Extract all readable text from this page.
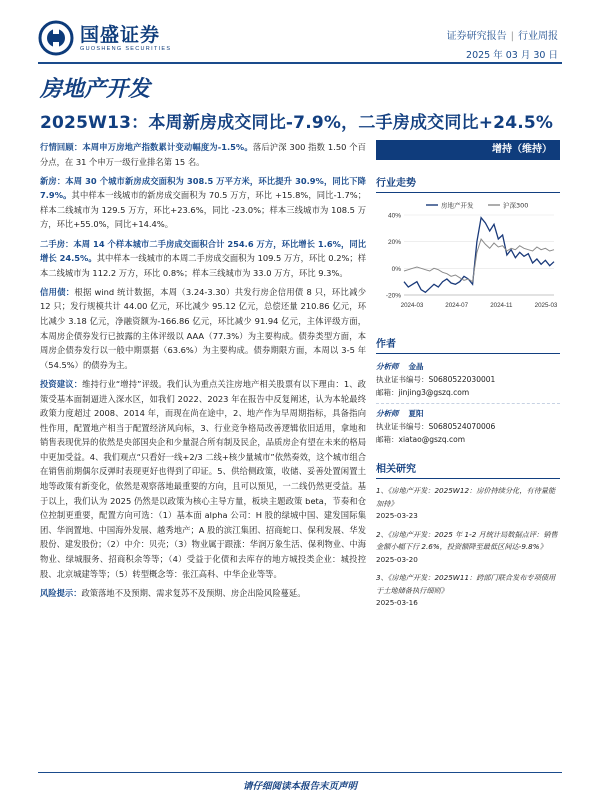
国盛证券
GUOSHENG SECURITIES
证券研究报告 | 行业周报
2025 年 03 月 30 日
房地产开发
2025W13：本周新房成交同比-7.9%，二手房成交同比+24.5%

行情回顾：本周申万房地产指数累计变动幅度为-1.5%。落后沪深 300 指数 1.50 个百分点，在 31 个申万一级行业排名第 15 名。

新房：本周 30 个城市新房成交面积为 308.5 万平方米，环比提升 30.9%，同比下降 7.9%。其中样本一线城市的新房成交面积为 70.5 万方，环比 +15.8%，同比-1.7%；样本二线城市为 129.5 万方，环比+23.6%，同比 -23.0%；样本三线城市为 108.5 万方，环比+55.0%，同比+14.4%。

二手房：本周 14 个样本城市二手房成交面积合计 254.6 万方，环比增长 1.6%，同比增长 24.5%。其中样本一线城市的本周二手房成交面积为 109.5 万方，环比 0.2%；样本二线城市为 112.2 万方，环比 0.8%；样本三线城市为 33.0 万方，环比 9.3%。

信用债：根据 wind 统计数据，本周（3.24-3.30）共发行房企信用债 8 只，环比减少 12 只；发行规模共计 44.00 亿元，环比减少 95.12 亿元，总偿还量 210.86 亿元，环比减少 3.18 亿元，净融资额为-166.86 亿元，环比减少 91.94 亿元，主体评级方面，本周房企债券发行已披露的主体评级以 AAA（77.3%）为主要构成。债券类型方面，本周房企债券发行以一般中期票据（63.6%）为主要构成。债券期限方面，本周以 3-5 年（54.5%）的债券为主。

投资建议：维持行业“增持”评级。我们认为重点关注房地产相关股票有以下理由：1、政策受基本面制逼进入深水区，如我们 2022、2023 年在报告中反复阐述，认为本轮最终政策力度超过 2008、2014 年，而现在尚在途中，2、地产作为早周期指标，具备指向性作用，配置地产相当于配置经济风向标，3、行业竞争格局改善逻辑依旧适用，拿地和销售表现优异的依然是央部国央企和少量混合所有制及民企，品质房企有望在未来的格局中更加受益。4、我们观点“只看好一线+2/3 二线+核少量城市”依然奏效，这个城市组合在销售前期偶尔反弹时表现更好也得到了印证。5、供给侧政策，收储、妥善处置闲置土地等政策有新变化，依然是观察落地最重要的方向，且可以预见，一二线仍然更受益。基于以上，我们认为 2025 仍然是以政策为核心主导方量，板块主题政策 beta，节奏和仓位控制更重要，配置方向可选：（1）基本面 alpha 公司：H 股的绿城中国、建发国际集团、华润置地、中国海外发展、越秀地产；A 股的滨江集团、招商蛇口、保利发展、华发股份、建发股份；（2）中介：贝壳；（3）物业属于跟涨：华润万象生活、保利物业、中海物业、绿城服务、招商积余等等；（4）受益于化债和去库存的地方城投类企业：城投控股、北京城建等等；（5）转型概念等：张江高科、中华企业等等。

风险提示：政策落地不及预期、需求复苏不及预期、房企出险风险蔓延。

增持（维持）
行业走势
40%
20%
0%
-20%
2024-03	2024-07	2024-11	2025-03
房地产开发	沪深300
作者
分析师 金晶
执业证书编号：S0680522030001
邮箱：jinjing3@gszq.com
分析师 夏阳
执业证书编号：S0680524070006
邮箱：xiatao@gszq.com
相关研究
1、《房地产开发：2025W12：房价持续分化，有待量能加持》
2025-03-23
2、《房地产开发：2025 年 1-2 月统计局数据点评：销售金额小幅下行 2.6%，投资额降至最低区间达-9.8%》
2025-03-20
3、《房地产开发：2025W11：跨部门联合发布专项债用于土地储备执行细则》
2025-03-16
请仔细阅读本报告末页声明
